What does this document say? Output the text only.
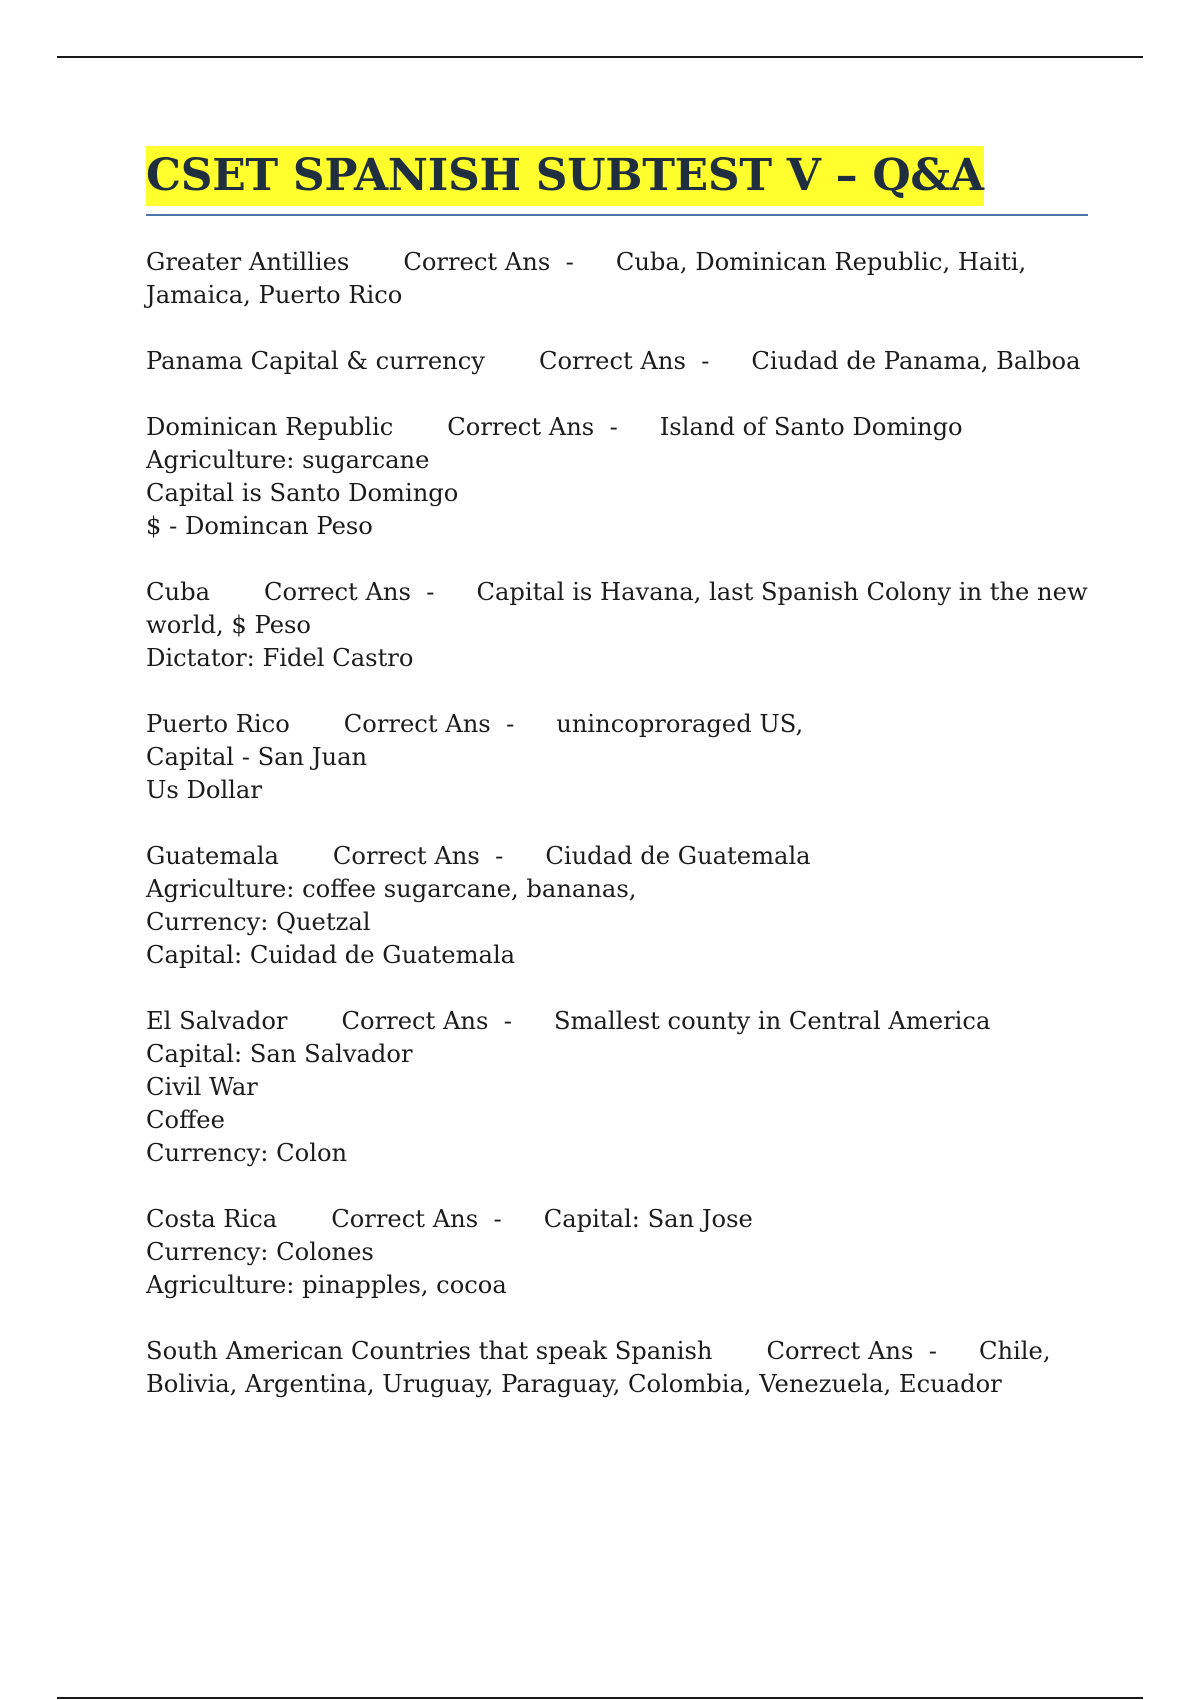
CSET SPANISH SUBTEST V – Q&A
Greater Antillies Correct Ans  - Cuba, Dominican Republic, Haiti,
Jamaica, Puerto Rico
Panama Capital & currency Correct Ans  - Ciudad de Panama, Balboa
Dominican Republic Correct Ans  - Island of Santo Domingo
Agriculture: sugarcane
Capital is Santo Domingo
$ - Domincan Peso
Cuba Correct Ans  - Capital is Havana, last Spanish Colony in the new
world, $ Peso
Dictator: Fidel Castro
Puerto Rico Correct Ans  - unincoproraged US,
Capital - San Juan
Us Dollar
Guatemala Correct Ans  - Ciudad de Guatemala
Agriculture: coffee sugarcane, bananas,
Currency: Quetzal
Capital: Cuidad de Guatemala
El Salvador Correct Ans  - Smallest county in Central America
Capital: San Salvador
Civil War
Coffee
Currency: Colon
Costa Rica Correct Ans  - Capital: San Jose
Currency: Colones
Agriculture: pinapples, cocoa
South American Countries that speak Spanish Correct Ans  - Chile,
Bolivia, Argentina, Uruguay, Paraguay, Colombia, Venezuela, Ecuador
